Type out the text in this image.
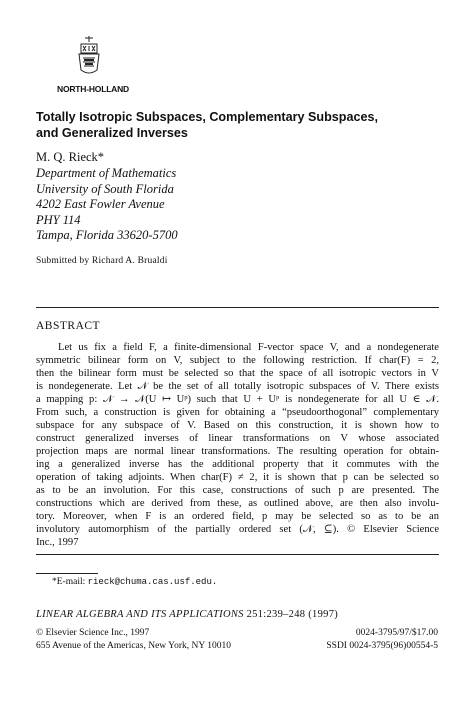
NORTH-HOLLAND
Totally Isotropic Subspaces, Complementary Subspaces,
and Generalized Inverses
M. Q. Rieck*
Department of Mathematics
University of South Florida
4202 East Fowler Avenue
PHY 114
Tampa, Florida 33620-5700
Submitted by Richard A. Brualdi
ABSTRACT
Let us fix a field F, a finite-dimensional F-vector space V, and a nondegenerate
symmetric bilinear form on V, subject to the following restriction. If char(F) = 2,
then the bilinear form must be selected so that the space of all isotropic vectors in V
is nondegenerate. Let 𝒩 be the set of all totally isotropic subspaces of V. There exists
a mapping p: 𝒩 → 𝒩(U ↦ Uᵖ) such that U + Uᵖ is nondegenerate for all U ∈ 𝒩.
From such, a construction is given for obtaining a “pseudoorthogonal” complementary
subspace for any subspace of V. Based on this construction, it is shown how to
construct generalized inverses of linear transformations on V whose associated
projection maps are normal linear transformations. The resulting operation for obtain-
ing a generalized inverse has the additional property that it commutes with the
operation of taking adjoints. When char(F) ≠ 2, it is shown that p can be selected so
as to be an involution. For this case, constructions of such p are presented. The
constructions which are derived from these, as outlined above, are then also involu-
tory. Moreover, when F is an ordered field, p may be selected so as to be an
involutory automorphism of the partially ordered set (𝒩, ⊆). © Elsevier Science
Inc., 1997
*E-mail: rieck@chuma.cas.usf.edu.
LINEAR ALGEBRA AND ITS APPLICATIONS 251:239–248 (1997)
© Elsevier Science Inc., 1997
655 Avenue of the Americas, New York, NY 10010
0024-3795/97/$17.00
SSDI 0024-3795(96)00554-5
